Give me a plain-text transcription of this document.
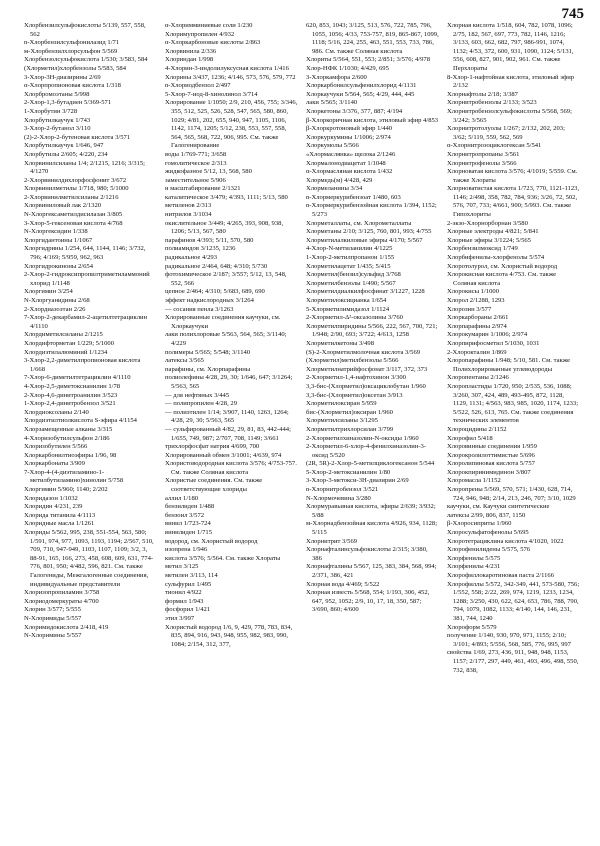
745

Хлорбензилсульфокислоты 5/139, 557, 558, 562

n-Хлорбензилсульфонилазид 1/71

м-Хлорбензилхлорсульфон 5/569

Хлорбензолсульфокислота 1/530; 3/583, 584

(Хлорметил)хлорбензолы 5/583, 584

3-Хлор-3Н-диазирины 2/69

α-Хлорпропионовая кислота 1/318

Хлорбромоэтаны 5/998

2-Хлор-1,3-бутадиен 5/369-571

1-Хлорбутин 3/728

Хлорбутилкаучук 1/743

3-Хлор-2-бутанол 3/110

(2)-2-Хлор-2-бутеновая кислота 3/571

Хлорбутилкаучук 1/646, 947

Хлорбутилы 2/605; 4/220, 234

Хлорвинилсиланы 1/4; 2/1215, 1216; 3/315; 4/1270

2-Хлорвинилдихлорфосфонит 3/672

Хлорвинилметилы 1/718, 980; 5/1000

2-Хлорвинилметилсиланы 2/1216

Хлорвиниловый лак 2/1320

N-Хлоргексаметилдисилазан 3/805

3-Хлор-5-гексеновая кислота 4/768

N-Хлоргексидин 1/338

Хлоргидантоины 1/1067

Хлоргидрины 1/254, 644, 1144, 1146; 3/732, 796; 4/169; 5/959, 962, 963

Хлоргидрокиноны 2/654

2-Хлор-2-гидроксипропилтриметиламмоний хлорид 1/1148

Хлоргимин 3/254

N-Хлоргуанидины 2/68

2-Хлордиазоэтан 2/26

7-Хлор-2-декарбамил-2-ацетилтетрациклин 4/1110

Хлордиметилсиланы 2/1215

Хлордифторметан 1/229; 5/1000

Хлордиэтилалюминий 1/1234

3-Хлор-2,2-диметилпропионовая кислота 1/668

7-Хлор-6-диметилтетрациклин 4/1110

4-Хлор-2,5-диметоксианилин 1/78

2-Хлор-4,6-динитроанилин 3/523

1-Хлор-2,4-динитробензол 3/521

Хлордиоксоланы 2/140

Хлордиэтилтиолкислота S-эфирa 4/1154

Хлорзамещенные алканы 3/315

4-Хлоризобутилсульфон 2/186

Хлоризобутилен 5/566

Хлоркарбонилтиоэфиры 1/96, 98

Хлоркарбонаты 3/909

7-Хлор-4-(4-диэтиламино-1-метилбутиламино)хинолин 5/758

Хлоргимин 5/960; 1140; 2/202

Хлоридазон 1/1032

Хлоридин 4/231, 239

Хлорида титанила 4/1113

Хлоридные масла 1/1261

Хлориды 5/562, 995, 238, 551-554, 563, 580; 1/591, 974, 977, 1093, 1193, 1194; 2/567, 510, 709, 710, 947-949, 1103, 1107, 1109; 3/2, 3, 88-91, 165, 166, 273, 458, 608, 609, 631, 774-776, 801, 950; 4/482, 596, 821. См. также Галогениды, Межгалогенные соединения, индивидуальные представители

Хлоризопропиламин 3/758

Хлориодомеркураты 4/700

Хлорин 3/577; 5/555

N-Хлоримиды 5/557

Хлоримидокислота 2/418, 419

N-Хлоримины 5/557

α-Хлоримминиевые соли 1/230

Хлоримупропилен 4/932

α-Хлоркарбоновые кислоты 2/863

Хлорвинила 2/336

Хлориндан 1/998

4-Хлорин-3-индолилуксусная кислота 1/416

Хлорины 3/437, 1236; 4/146, 573, 576, 579, 772

n-Хлориодбензол 2/497

5-Хлор-7-иод-8-хинолинол 3/714

Хлорирование 1/1050; 2/9, 210, 456, 755; 3/346, 355, 512, 525, 526, 528, 547, 565, 580, 860, 1029; 4/81, 202, 655, 940, 947, 1105, 1106, 1142, 1174, 1205; 5/12, 238, 553, 557, 558, 564, 565, 568, 722, 906, 995. См. также Галогенирование

воды 1/769-771; 3/658

гомолитическое 2/313

жидкофазное 5/12, 13, 568, 580

заместительное 5/906

и масштабирование 2/1321

каталитическое 3/479; 4/393, 1111; 5/13, 580

метиленов 2/313

нитрилов 3/1034

окислительное 3/449; 4/265, 393, 908, 938, 1206; 5/13, 567, 580

парафинов 4/393; 5/11, 570, 580

полиамидов 3/1235, 1236

радикальное 4/293

радикальное 2/464, 648; 4/310; 5/730

фотохимическое 2/187; 3/557; 5/12, 13, 548, 552, 566

цепное 2/464; 4/310; 5/683, 689, 690

эффект надкислородных 3/1264

— сосания пенла 3/1263

Хлорированные соединения каучуки, см. Хлоркаучуки

лаки полихлоровые 5/563, 564, 565; 3/1140; 4/229

полимеры 5/565; 5/548; 3/1140

латексы 3/565

парафины, см. Хлорпарафины

полиолефины 4/28, 29, 30; 1/646, 647; 3/1264; 5/563, 565

— для нефтяных 3/445

— полипропилен 4/28, 29

— полиэтилен 1/14; 3/907, 1140, 1263, 1264; 4/28, 29, 30; 5/563, 565

— сульфированный 4/82, 29, 81, 83, 442-444; 1/655, 749, 987; 2/707, 708, 1149; 3/661

трихлорфосфат натрия 4/699, 700

Хлорированный обмен 3/1001; 4/639, 974

Хлористоводородная кислота 3/576; 4/753-757. См. также Соляная кислота

Хлористые соединения. См. также соответствующие хлориды

аллил 1/180

бензилиден 1/488

бензоил 3/572

винил 1/723-724

винилиден 1/715

водород, см. Хлористый водород

изопрена 1/946

кислота 3/576; 5/564. См. также Хлораты

метил 3/125

метилен 3/113, 114

сульфурил 1/495

тионил 4/922

формил 1/943

фосфорил 1/421

этил 3/997

Хлористый водород 1/6, 9, 429, 778, 783, 834, 835, 894, 916, 943, 948, 955, 982, 983, 990, 1084; 2/154, 312, 377,

620, 853, 1043; 3/125, 513, 576, 722, 785, 796, 1055, 1056; 4/33, 753-757, 819, 865-867, 1099, 1118; 5/16, 224, 255, 463, 551, 553, 733, 786, 986. См. также Соляная кислота

Хлориты 5/564, 551, 553; 2/851; 3/576; 4/978

Хлор-НФК 1/1030; 4/429, 695

3-Хлоркамфора 2/600

Хлоркарбонилсульфенилхлорид 4/1131

Хлоркаучуки 5/564, 565; 4/29, 444, 445

лаки 5/565; 3/1140

Хлоркетоны 3/376, 377, 887; 4/194

β-Хлоркоричная кислота, этиловый эфир 4/853

β-Хлоркротоновый эфир 1/440

Хлоркуркумины 1/1006; 2/974

Хлоркумолы 5/566

«Хлормаслянка» щелока 2/1246

Хлормалонодиацетат 1/1048

α-Хлормасляная кислота 1/432

Хлормедь(м) 4/428, 429

Хлормеланины 3/34

n-Хлормеркурибензоат 1/480, 603

n-Хлормеркурибензойная кислота 1/394, 1152; 5/273

Хлорметаллаты, см. Хлорометаллаты

Хлорметаны 2/10; 3/125, 760, 801, 993; 4/755

Хлорметилалкиловые эфиры 4/170; 5/567

4-Хлор-N-метиланилин 4/1225

1-Хлор-2-метилпропанон 1/155

Хлорметилацетат 1/435; 5/415

Хлорметил(бензил)сульфид 3/768

Хлорметилбензолы 1/490; 5/567

Хлорметилдиалкилфосфинат 3/1227, 1228

Хлорметилоксицианка 1/654

5-Хлорметилимидазол 1/1124

2-Хлорметил-Δ²-оксазолины 3/760

Хлорметилпиридины 5/566, 222, 567, 700, 721; 1/948; 2/90, 693; 3/722; 4/613, 1258

Хлорметилкетоны 3/498

(S)-2-Хлорметилмолочная кислота 3/569

(Хлорметил)метилбензолы 5/566

Хлорметилнатрийфосфонат 3/117, 372, 373

2-Хлорметил-1,4-нафтохинон 3/300

3,3-бис-(Хлорметил)оксациклобутан 1/960

3,3-бис-(Хлорметил)оксетан 3/913

Хлорметилоксиран 5/959

бис-(Хлорметил)оксиран 1/960

Хлорметилсиланы 3/1295

Хлорметилтрихлорсилан 3/799

2-Хлорметилхиназолин-N-оксиды 1/960

2-Хлорметил-6-хлор-4-фенилхиназолин-3-оксид 5/520

(2R, 5R)-2-Хлор-5-метилциклогексанон 5/544

5-Хлор-2-метоксианилин 1/80

3-Хлор-3-метокси-3Н-диазирин 2/69

n-Хлорнитробензол 3/521

N-Хлормочевина 3/280

Хлормуравьиная кислота, эфиры 2/639; 3/932; 5/88

м-Хлорнадбензойная кислота 4/926, 934, 1128; 5/115

Хлорнитрит 3/569

Хлорнафталинсульфокислоты 2/315; 3/380, 386

Хлорнафталины 5/567, 125, 383, 384, 568, 994; 2/371, 386, 421

Хлорная вода 4/469; 5/522

Хлорная известь 5/568, 554; 1/193, 306, 452, 647, 952, 1052; 2/9, 10, 17, 18, 350, 587; 3/690, 860; 4/600

Хлорная кислота 1/518, 604, 782, 1078, 1096; 2/75, 182, 567, 697, 773, 782, 1146, 1216; 3/133, 603, 662, 682, 797, 986-991, 1074, 1132; 4/53, 372, 600, 931, 1090, 1124; 5/131, 556, 608, 827, 901, 902, 961. См. также Перхлораты

8-Хлор-1-нафтойная кислота, этиловый эфир 2/132

Хлорнафтолы 2/18; 3/387

Хлорнитробензолы 2/133; 3/523

Хлорнитробензолсульфокислоты 5/568, 569; 3/242; 3/565

Хлорнитротолуолы 1/267; 2/132, 202, 203; 3/62; 5/119, 559, 562, 569

α-Хлорнитрозоциклогексан 5/541

Хлорнитропропаны 3/561

Хлорнитрофенолы 3/566

Хлорноватая кислота 3/576; 4/1019; 5/559. См. также Хлораты

Хлорноватистая кислота 1/723, 770, 1121-1123, 1146; 2/498, 358, 782, 784, 936; 3/26, 72, 502, 576, 707, 733; 4/661, 900; 5/993. См. также Гипохлориты

2-экзо-Хлорнорборнан 3/580

Хлорные электроды 4/821; 5/841

Хлорные эфиры 3/1224; 5/565

Хлорбензилмоксид 1/749

Хлорбифенилы-хлорфенолы 5/574

Хлоротолурол, см. Хлористый водород

Хлорокисная кислота 4/753. См. также Соляная кислота

Хлорокисы 1/1000

Хлорол 2/1288, 1293

Хлорозин 3/577

Хлоркарбораны 2/661

Хлорпарафины 2/974

Хлорокумарин 1/1006; 2/974

Хлорпирифосметил 5/1030, 1031

2-Хлорокталин 1/869

Хлоропарафины 1/948; 5/10, 581. См. также Полихлорированные углеводороды

Хлоропентаны 2/1246

Хлоропластиды 1/720, 950; 2/535, 536, 1088; 3/260, 307, 424, 489, 493-495, 872, 1128, 1129, 1131; 4/563, 983, 985, 1020, 1174, 1233; 5/522, 526, 613, 765. См. также соединения технических элементов

Хлороцидины 2/1152

Хлорофил 5/418

Хлоровинные соединения 1/959

Хлорокролилоттимистые 5/696

Хлоролипиновая кислота 5/757

Хлорокпиринимидинон 3/807

Хлоромасла 1/1152

Хлоропрены 5/569, 570, 571; 1/430, 628, 714, 724, 946, 948; 2/14, 213, 246, 707; 3/10, 1029

каучуки, см. Каучуки синтетические

латексы 2/99, 806, 837, 1150

β-Хлоросиприты 1/960

Хлоросульфатофенолы 5/695

Хлоротетрациклина кислота 4/1020, 1022

Хлорофенилидены 5/575, 576

Хлорфенилы 5/575

Хлорфенилы 4/231

Хлорофиллокаротиновая паста 2/1166

Хлорофиллы 5/572, 342-349, 441, 573-580, 756; 1/552, 558; 2/22, 269, 974, 1219, 1233, 1234, 1288; 3/250, 430, 622, 624, 653, 786, 788, 790, 794, 1079, 1082, 1133; 4/140, 144, 146, 231, 381, 744, 1240

Хлороформ 5/579

получение 1/140, 930, 970, 971, 1155; 2/10; 3/101; 4/893; 5/556, 568, 585, 776, 995, 997

свойства 1/69, 273, 436, 911, 948, 948, 1153, 1157; 2/177, 297, 449, 461, 493, 496, 498, 550, 732, 838,
